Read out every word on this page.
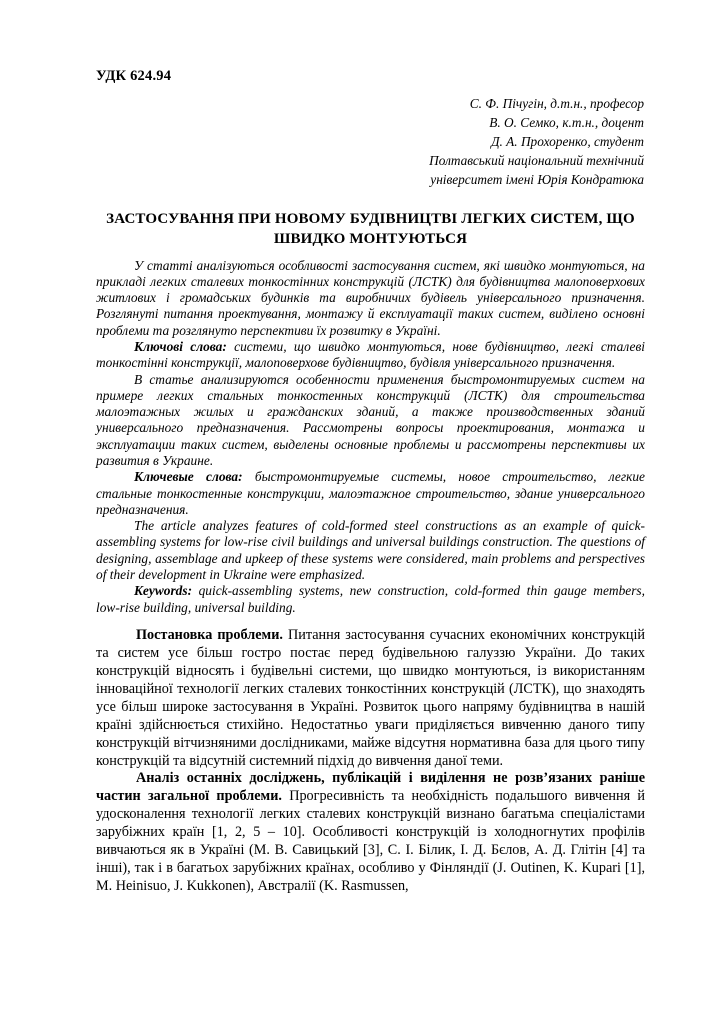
УДК 624.94
С. Ф. Пічугін, д.т.н., професор
В. О. Семко, к.т.н., доцент
Д. А. Прохоренко, студент
Полтавський національний технічний
університет імені Юрія Кондратюка
ЗАСТОСУВАННЯ ПРИ НОВОМУ БУДІВНИЦТВІ ЛЕГКИХ СИСТЕМ, ЩО ШВИДКО МОНТУЮТЬСЯ

У статті аналізуються особливості застосування систем, які швидко монтуються, на прикладі легких сталевих тонкостінних конструкцій (ЛСТК) для будівництва малоповерхових житлових і громадських будинків та виробничих будівель універсального призначення. Розглянуті питання проектування, монтажу й експлуатації таких систем, виділено основні проблеми та розглянуто перспективи їх розвитку в Україні.

Ключові слова: системи, що швидко монтуються, нове будівництво, легкі сталеві тонкостінні конструкції, малоповерхове будівництво, будівля універсального призначення.

В статье анализируются особенности применения быстромонтируемых систем на примере легких стальных тонкостенных конструкций (ЛСТК) для строительства малоэтажных жилых и гражданских зданий, а также производственных зданий универсального предназначения. Рассмотрены вопросы проектирования, монтажа и эксплуатации таких систем, выделены основные проблемы и рассмотрены перспективы их развития в Украине.

Ключевые слова: быстромонтируемые системы, новое строительство, легкие стальные тонкостенные конструкции, малоэтажное строительство, здание универсального предназначения.

The article analyzes features of cold-formed steel constructions as an example of quick-assembling systems for low-rise civil buildings and universal buildings construction. The questions of designing, assemblage and upkeep of these systems were considered, main problems and perspectives of their development in Ukraine were emphasized.

Keywords: quick-assembling systems, new construction, cold-formed thin gauge members, low-rise building, universal building.

Постановка проблеми. Питання застосування сучасних економічних конструкцій та систем усе більш гостро постає перед будівельною галуззю України. До таких конструкцій відносять і будівельні системи, що швидко монтуються, із використанням інноваційної технології легких сталевих тонкостінних конструкцій (ЛСТК), що знаходять усе більш широке застосування в Україні. Розвиток цього напряму будівництва в нашій країні здійснюється стихійно. Недостатньо уваги приділяється вивченню даного типу конструкцій вітчизняними дослідниками, майже відсутня нормативна база для цього типу конструкцій та відсутній системний підхід до вивчення даної теми.

Аналіз останніх досліджень, публікацій і виділення не розв’язаних раніше частин загальної проблеми. Прогресивність та необхідність подальшого вивчення й удосконалення технології легких сталевих конструкцій визнано багатьма спеціалістами зарубіжних країн [1, 2, 5 – 10]. Особливості конструкцій із холодногнутих профілів вивчаються як в Україні (М. В. Савицький [3], С. І. Білик, І. Д. Бєлов, А. Д. Глітін [4] та інші), так і в багатьох зарубіжних країнах, особливо у Фінляндії (J. Outinen, K. Kupari [1], M. Heinisuo, J. Kukkonen), Австралії (K. Rasmussen,
